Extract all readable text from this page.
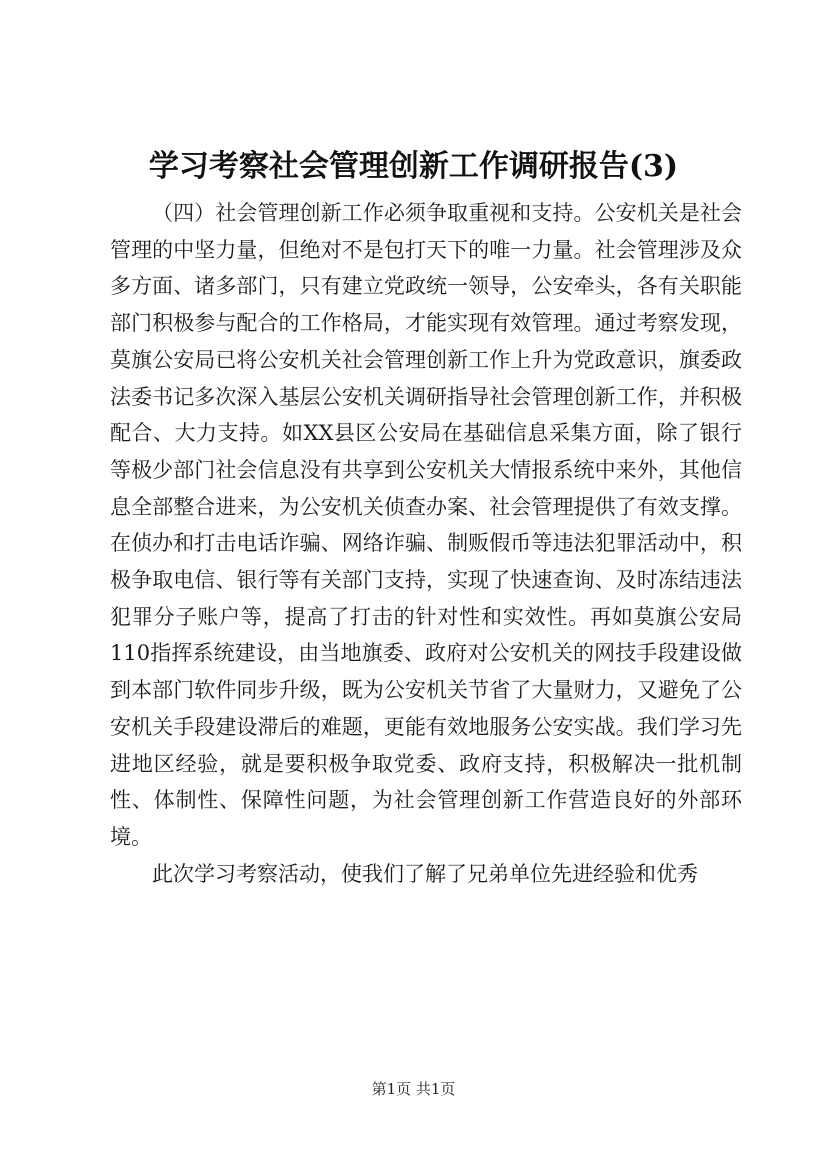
学习考察社会管理创新工作调研报告(3)

（四）社会管理创新工作必须争取重视和支持。公安机关是社会管理的中坚力量，但绝对不是包打天下的唯一力量。社会管理涉及众多方面、诸多部门，只有建立党政统一领导，公安牵头，各有关职能部门积极参与配合的工作格局，才能实现有效管理。通过考察发现，莫旗公安局已将公安机关社会管理创新工作上升为党政意识，旗委政法委书记多次深入基层公安机关调研指导社会管理创新工作，并积极配合、大力支持。如XX县区公安局在基础信息采集方面，除了银行等极少部门社会信息没有共享到公安机关大情报系统中来外，其他信息全部整合进来，为公安机关侦查办案、社会管理提供了有效支撑。在侦办和打击电话诈骗、网络诈骗、制贩假币等违法犯罪活动中，积极争取电信、银行等有关部门支持，实现了快速查询、及时冻结违法犯罪分子账户等，提高了打击的针对性和实效性。再如莫旗公安局110指挥系统建设，由当地旗委、政府对公安机关的网技手段建设做到本部门软件同步升级，既为公安机关节省了大量财力，又避免了公安机关手段建设滞后的难题，更能有效地服务公安实战。我们学习先进地区经验，就是要积极争取党委、政府支持，积极解决一批机制性、体制性、保障性问题，为社会管理创新工作营造良好的外部环境。

此次学习考察活动，使我们了解了兄弟单位先进经验和优秀

第1页 共1页
